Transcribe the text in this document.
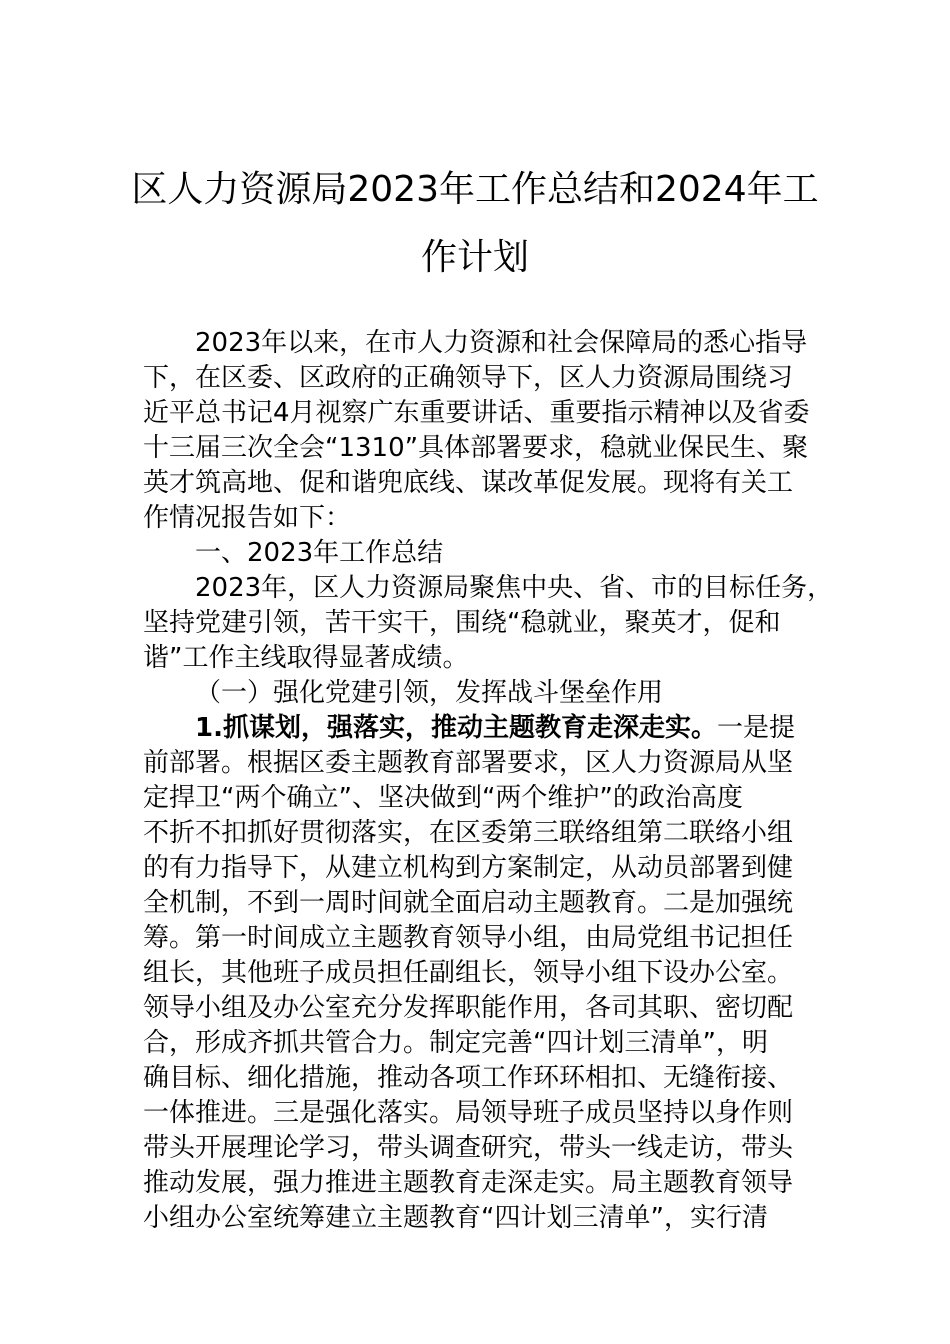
区人力资源局2023年工作总结和2024年工
作计划

2023年以来，在市人力资源和社会保障局的悉心指导

下，在区委、区政府的正确领导下，区人力资源局围绕习

近平总书记4月视察广东重要讲话、重要指示精神以及省委

十三届三次全会“1310”具体部署要求，稳就业保民生、聚

英才筑高地、促和谐兜底线、谋改革促发展。现将有关工

作情况报告如下：

一、2023年工作总结

2023年，区人力资源局聚焦中央、省、市的目标任务，

坚持党建引领，苦干实干，围绕“稳就业，聚英才，促和

谐”工作主线取得显著成绩。

（一）强化党建引领，发挥战斗堡垒作用

1.抓谋划，强落实，推动主题教育走深走实。一是提

前部署。根据区委主题教育部署要求，区人力资源局从坚

定捍卫“两个确立”、坚决做到“两个维护”的政治高度

不折不扣抓好贯彻落实，在区委第三联络组第二联络小组

的有力指导下，从建立机构到方案制定，从动员部署到健

全机制，不到一周时间就全面启动主题教育。二是加强统

筹。第一时间成立主题教育领导小组，由局党组书记担任

组长，其他班子成员担任副组长，领导小组下设办公室。

领导小组及办公室充分发挥职能作用，各司其职、密切配

合，形成齐抓共管合力。制定完善“四计划三清单”，明

确目标、细化措施，推动各项工作环环相扣、无缝衔接、

一体推进。三是强化落实。局领导班子成员坚持以身作则

带头开展理论学习，带头调查研究，带头一线走访，带头

推动发展，强力推进主题教育走深走实。局主题教育领导

小组办公室统筹建立主题教育“四计划三清单”，实行清
